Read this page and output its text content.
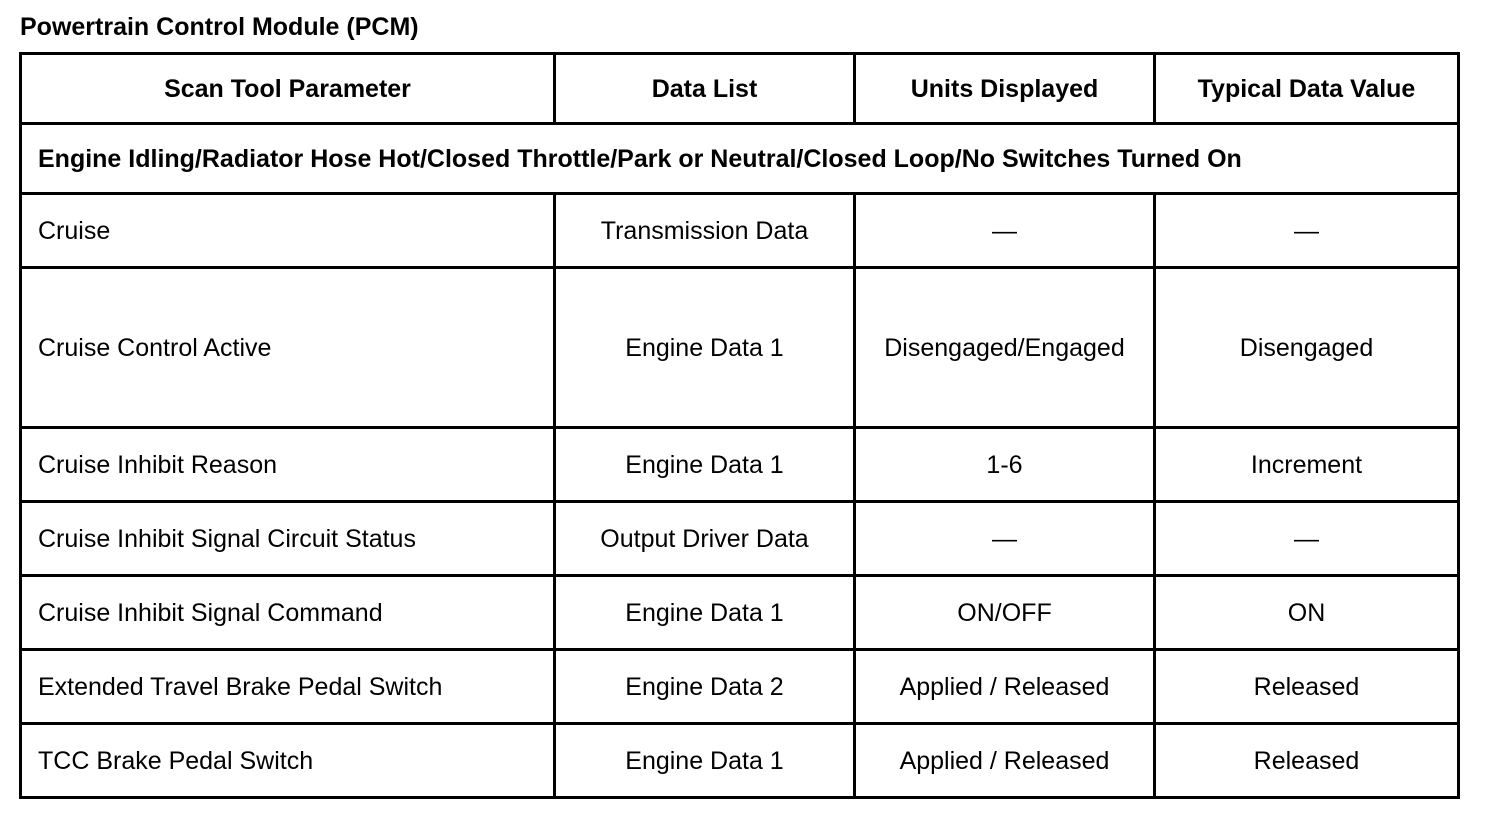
Powertrain Control Module (PCM)
Scan Tool Parameter	Data List	Units Displayed	Typical Data Value
Engine Idling/Radiator Hose Hot/Closed Throttle/Park or Neutral/Closed Loop/No Switches Turned On			
Cruise	Transmission Data	—	—
Cruise Control Active	Engine Data 1	Disengaged/Engaged	Disengaged
Cruise Inhibit Reason	Engine Data 1	1-6	Increment
Cruise Inhibit Signal Circuit Status	Output Driver Data	—	—
Cruise Inhibit Signal Command	Engine Data 1	ON/OFF	ON
Extended Travel Brake Pedal Switch	Engine Data 2	Applied / Released	Released
TCC Brake Pedal Switch	Engine Data 1	Applied / Released	Released
